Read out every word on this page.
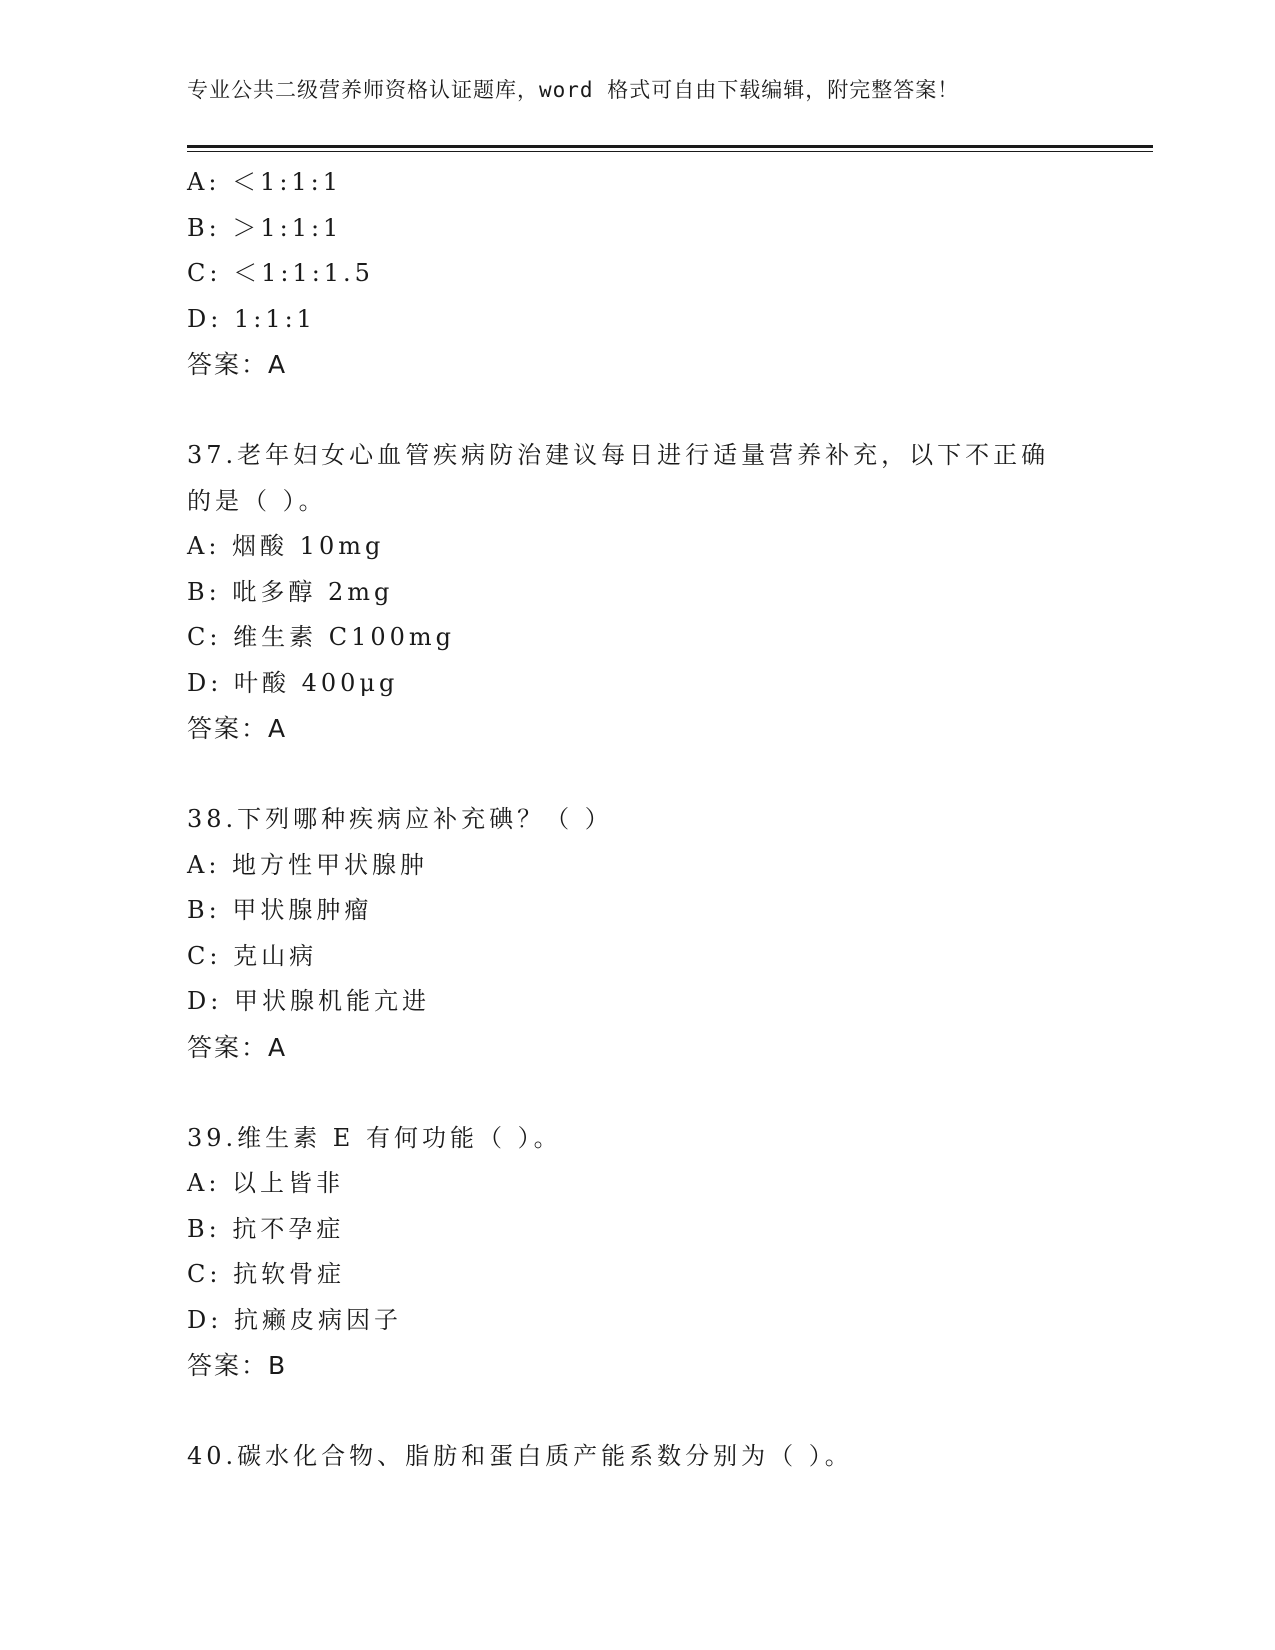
专业公共二级营养师资格认证题库，word 格式可自由下载编辑，附完整答案！
A: ＜1:1:1
B: ＞1:1:1
C: ＜1:1:1.5
D: 1:1:1
答案：A
37.老年妇女心血管疾病防治建议每日进行适量营养补充，以下不正确
的是（ ）。
A: 烟酸 10mg
B: 吡多醇 2mg
C: 维生素 C100mg
D: 叶酸 400μg
答案：A
38.下列哪种疾病应补充碘？（ ）
A: 地方性甲状腺肿
B: 甲状腺肿瘤
C: 克山病
D: 甲状腺机能亢进
答案：A
39.维生素 E 有何功能（ ）。
A: 以上皆非
B: 抗不孕症
C: 抗软骨症
D: 抗癞皮病因子
答案：B
40.碳水化合物、脂肪和蛋白质产能系数分别为（ ）。
